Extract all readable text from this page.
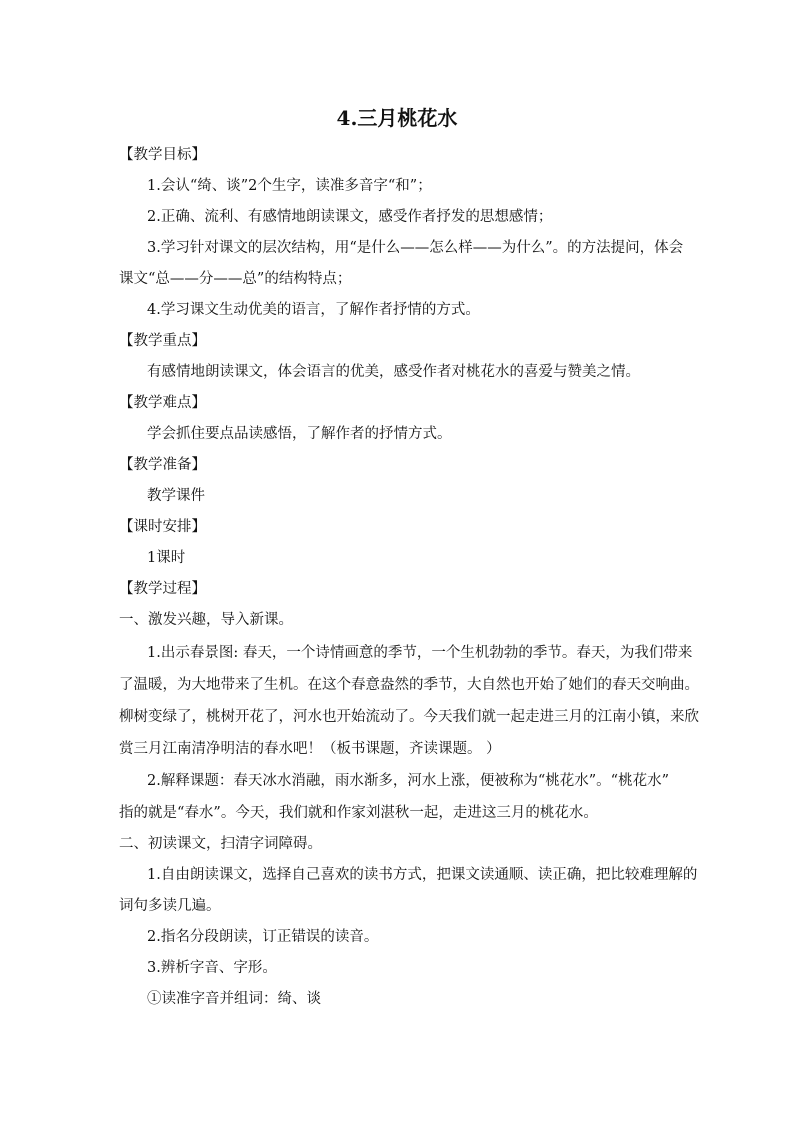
4.三月桃花水
【教学目标】
1.会认“绮、谈”2个生字，读准多音字“和”；
2.正确、流利、有感情地朗读课文，感受作者抒发的思想感情；
3.学习针对课文的层次结构，用“是什么——怎么样——为什么”。的方法提问，体会
课文“总——分——总”的结构特点；
4.学习课文生动优美的语言，了解作者抒情的方式。
【教学重点】
有感情地朗读课文，体会语言的优美，感受作者对桃花水的喜爱与赞美之情。
【教学难点】
学会抓住要点品读感悟，了解作者的抒情方式。
【教学准备】
教学课件
【课时安排】
1课时
【教学过程】
一、激发兴趣，导入新课。
1.出示春景图: 春天，一个诗情画意的季节，一个生机勃勃的季节。春天，为我们带来
了温暖，为大地带来了生机。在这个春意盎然的季节，大自然也开始了她们的春天交响曲。
柳树变绿了，桃树开花了，河水也开始流动了。今天我们就一起走进三月的江南小镇，来欣
赏三月江南清净明洁的春水吧！（板书课题，齐读课题。 ）
2.解释课题：春天冰水消融，雨水渐多，河水上涨，便被称为“桃花水”。“桃花水”
指的就是“春水”。今天，我们就和作家刘湛秋一起，走进这三月的桃花水。
二、初读课文，扫清字词障碍。
1.自由朗读课文，选择自己喜欢的读书方式，把课文读通顺、读正确，把比较难理解的
词句多读几遍。
2.指名分段朗读，订正错误的读音。
3.辨析字音、字形。
①读准字音并组词：绮、谈
